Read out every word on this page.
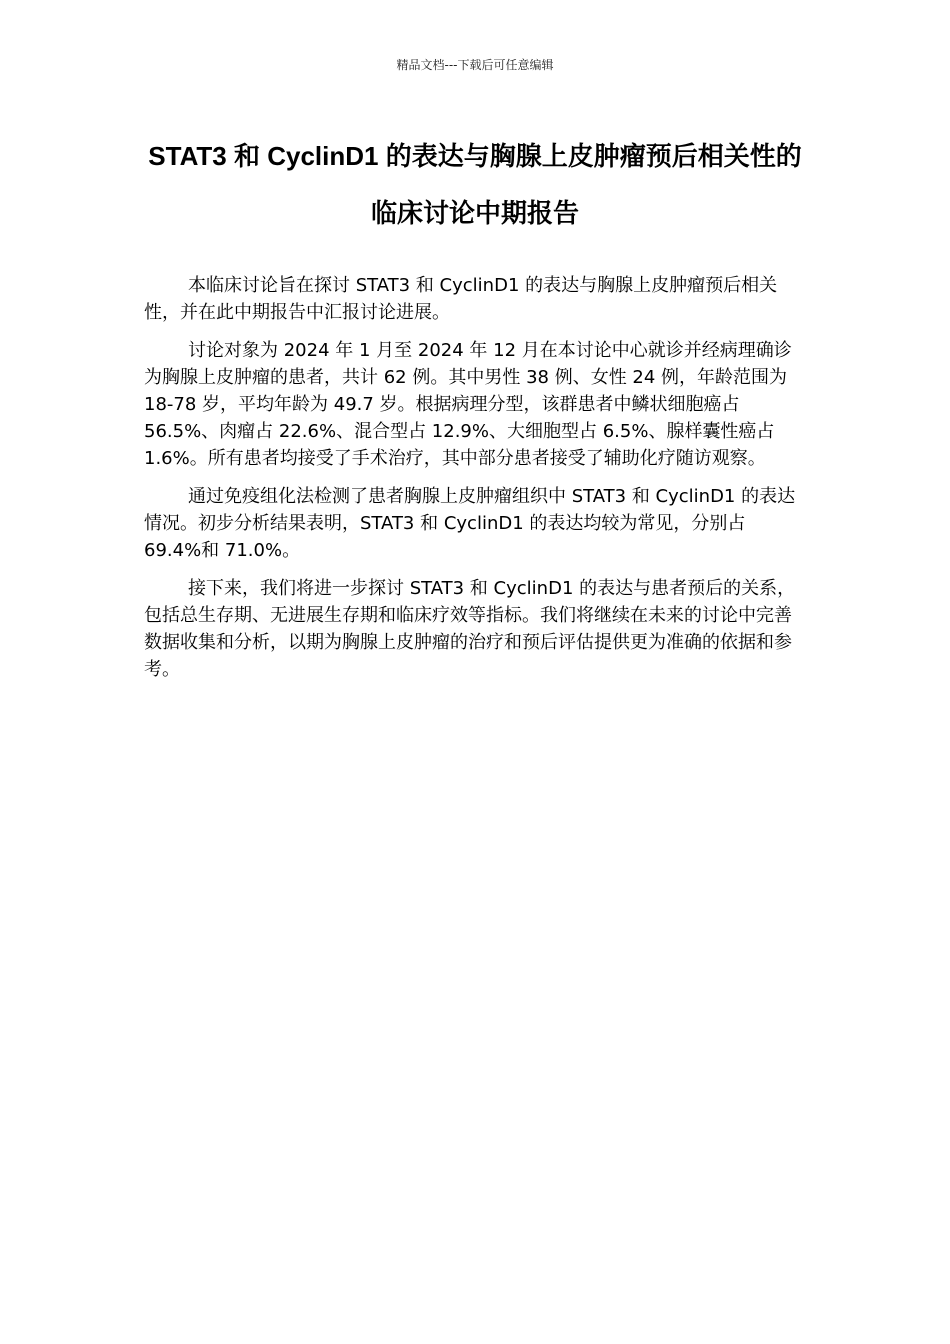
精品文档---下载后可任意编辑
STAT3 和 CyclinD1 的表达与胸腺上皮肿瘤预后相关性的临床讨论中期报告

本临床讨论旨在探讨 STAT3 和 CyclinD1 的表达与胸腺上皮肿瘤预后相关性，并在此中期报告中汇报讨论进展。

讨论对象为 2024 年 1 月至 2024 年 12 月在本讨论中心就诊并经病理确诊为胸腺上皮肿瘤的患者，共计 62 例。其中男性 38 例、女性 24 例，年龄范围为 18-78 岁，平均年龄为 49.7 岁。根据病理分型，该群患者中鳞状细胞癌占 56.5%、肉瘤占 22.6%、混合型占 12.9%、大细胞型占 6.5%、腺样囊性癌占 1.6%。所有患者均接受了手术治疗，其中部分患者接受了辅助化疗随访观察。

通过免疫组化法检测了患者胸腺上皮肿瘤组织中 STAT3 和 CyclinD1 的表达情况。初步分析结果表明，STAT3 和 CyclinD1 的表达均较为常见，分别占 69.4%和 71.0%。

接下来，我们将进一步探讨 STAT3 和 CyclinD1 的表达与患者预后的关系，包括总生存期、无进展生存期和临床疗效等指标。我们将继续在未来的讨论中完善数据收集和分析，以期为胸腺上皮肿瘤的治疗和预后评估提供更为准确的依据和参考。
